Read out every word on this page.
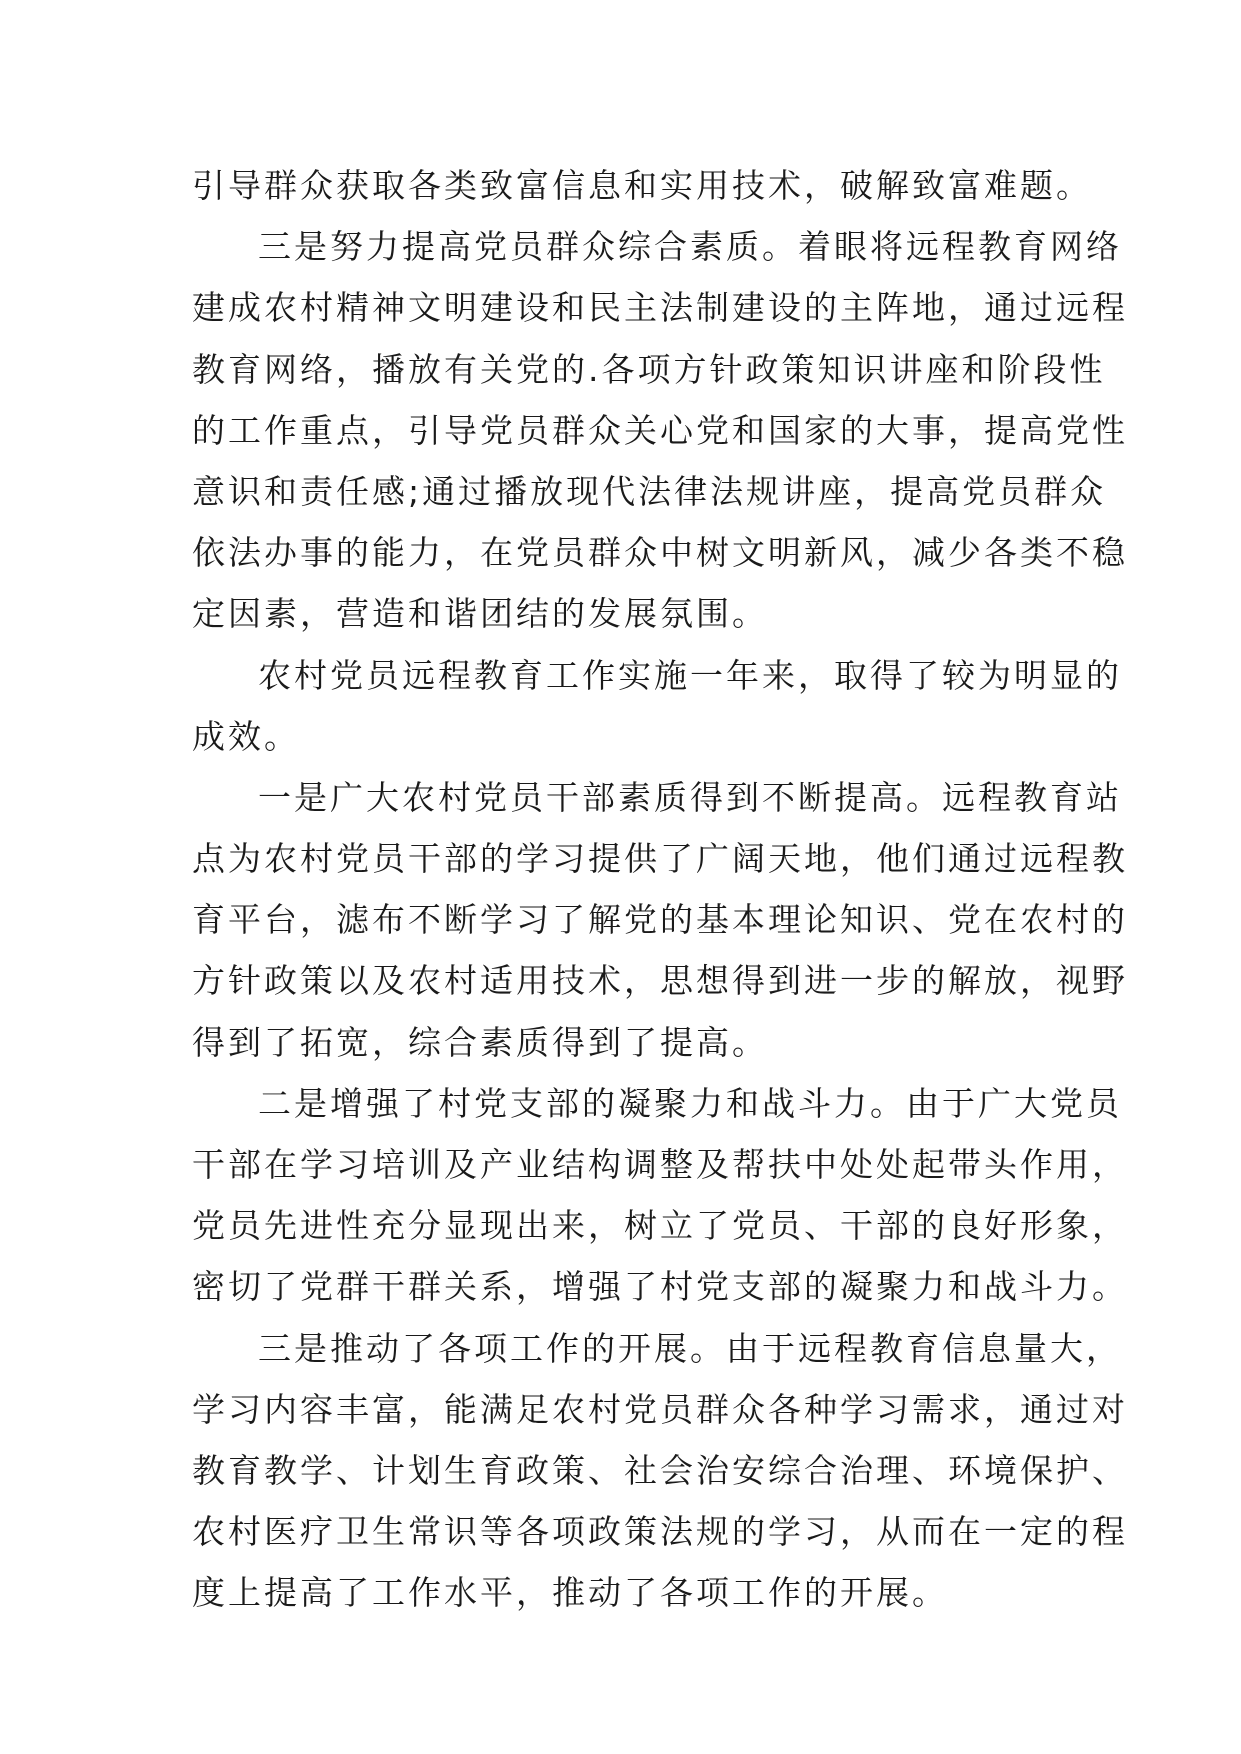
引导群众获取各类致富信息和实用技术，破解致富难题。
三是努力提高党员群众综合素质。着眼将远程教育网络
建成农村精神文明建设和民主法制建设的主阵地，通过远程
教育网络，播放有关党的.各项方针政策知识讲座和阶段性
的工作重点，引导党员群众关心党和国家的大事，提高党性
意识和责任感;通过播放现代法律法规讲座，提高党员群众
依法办事的能力，在党员群众中树文明新风，减少各类不稳
定因素，营造和谐团结的发展氛围。
农村党员远程教育工作实施一年来，取得了较为明显的
成效。
一是广大农村党员干部素质得到不断提高。远程教育站
点为农村党员干部的学习提供了广阔天地，他们通过远程教
育平台，滤布不断学习了解党的基本理论知识、党在农村的
方针政策以及农村适用技术，思想得到进一步的解放，视野
得到了拓宽，综合素质得到了提高。
二是增强了村党支部的凝聚力和战斗力。由于广大党员
干部在学习培训及产业结构调整及帮扶中处处起带头作用，
党员先进性充分显现出来，树立了党员、干部的良好形象，
密切了党群干群关系，增强了村党支部的凝聚力和战斗力。
三是推动了各项工作的开展。由于远程教育信息量大，
学习内容丰富，能满足农村党员群众各种学习需求，通过对
教育教学、计划生育政策、社会治安综合治理、环境保护、
农村医疗卫生常识等各项政策法规的学习，从而在一定的程
度上提高了工作水平，推动了各项工作的开展。
